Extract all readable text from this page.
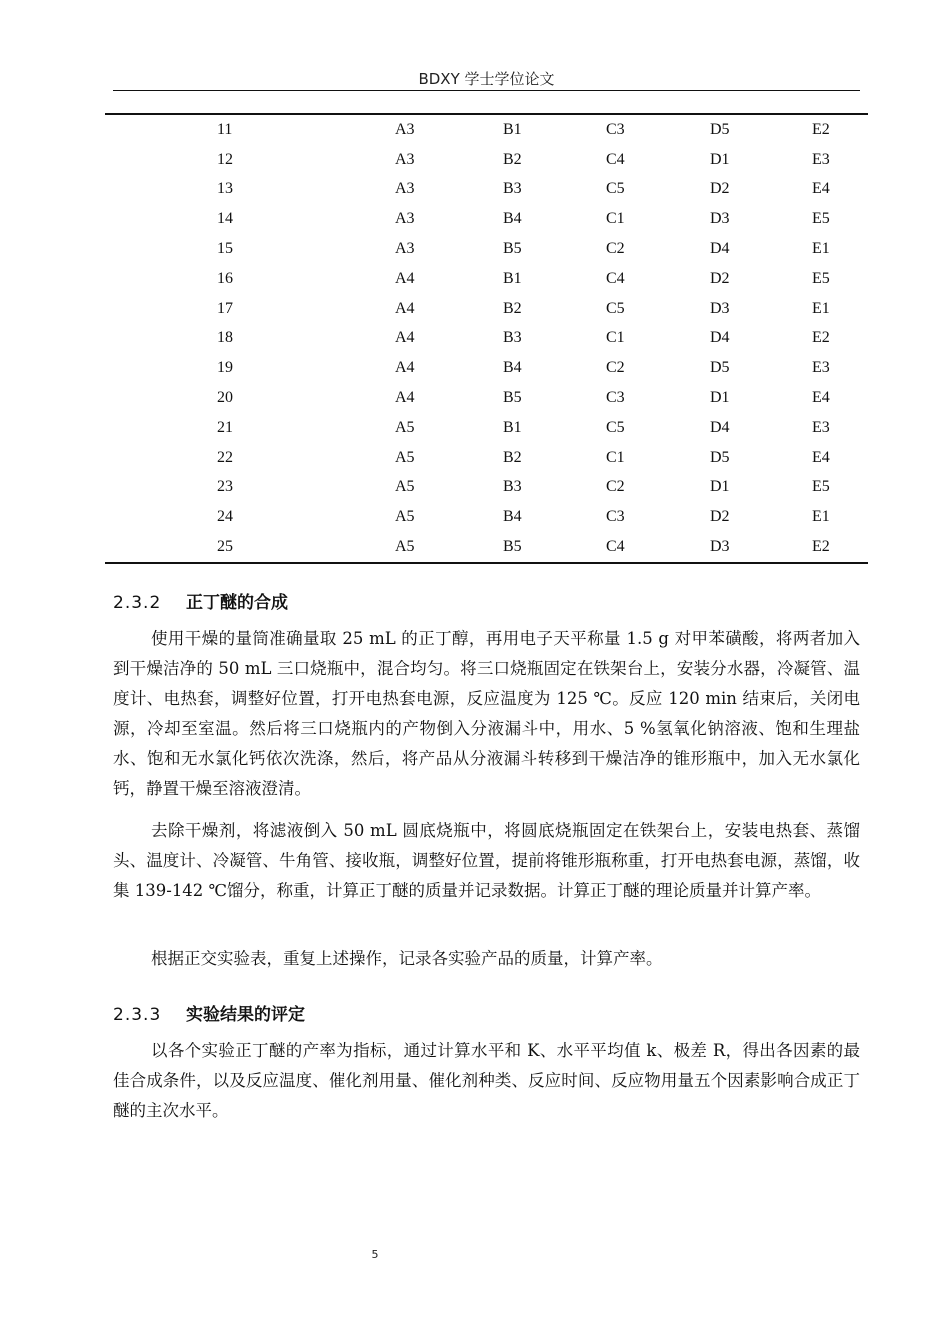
BDXY 学士学位论文
11	A3	B1	C3	D5	E2
12	A3	B2	C4	D1	E3
13	A3	B3	C5	D2	E4
14	A3	B4	C1	D3	E5
15	A3	B5	C2	D4	E1
16	A4	B1	C4	D2	E5
17	A4	B2	C5	D3	E1
18	A4	B3	C1	D4	E2
19	A4	B4	C2	D5	E3
20	A4	B5	C3	D1	E4
21	A5	B1	C5	D4	E3
22	A5	B2	C1	D5	E4
23	A5	B3	C2	D1	E5
24	A5	B4	C3	D2	E1
25	A5	B5	C4	D3	E2
2.3.2 正丁醚的合成

使用干燥的量筒准确量取 25 mL 的正丁醇，再用电子天平称量 1.5 g 对甲苯磺酸，将两者加入到干燥洁净的 50 mL 三口烧瓶中，混合均匀。将三口烧瓶固定在铁架台上，安装分水器，冷凝管、温度计、电热套，调整好位置，打开电热套电源，反应温度为 125 ℃。反应 120 min 结束后，关闭电源，冷却至室温。然后将三口烧瓶内的产物倒入分液漏斗中，用水、5 %氢氧化钠溶液、饱和生理盐水、饱和无水氯化钙依次洗涤，然后，将产品从分液漏斗转移到干燥洁净的锥形瓶中，加入无水氯化钙，静置干燥至溶液澄清。

去除干燥剂，将滤液倒入 50 mL 圆底烧瓶中，将圆底烧瓶固定在铁架台上，安装电热套、蒸馏头、温度计、冷凝管、牛角管、接收瓶，调整好位置，提前将锥形瓶称重，打开电热套电源，蒸馏，收集 139-142 ℃馏分，称重，计算正丁醚的质量并记录数据。计算正丁醚的理论质量并计算产率。

根据正交实验表，重复上述操作，记录各实验产品的质量，计算产率。

2.3.3 实验结果的评定

以各个实验正丁醚的产率为指标，通过计算水平和 K、水平平均值 k、极差 R，得出各因素的最佳合成条件，以及反应温度、催化剂用量、催化剂种类、反应时间、反应物用量五个因素影响合成正丁醚的主次水平。

5
